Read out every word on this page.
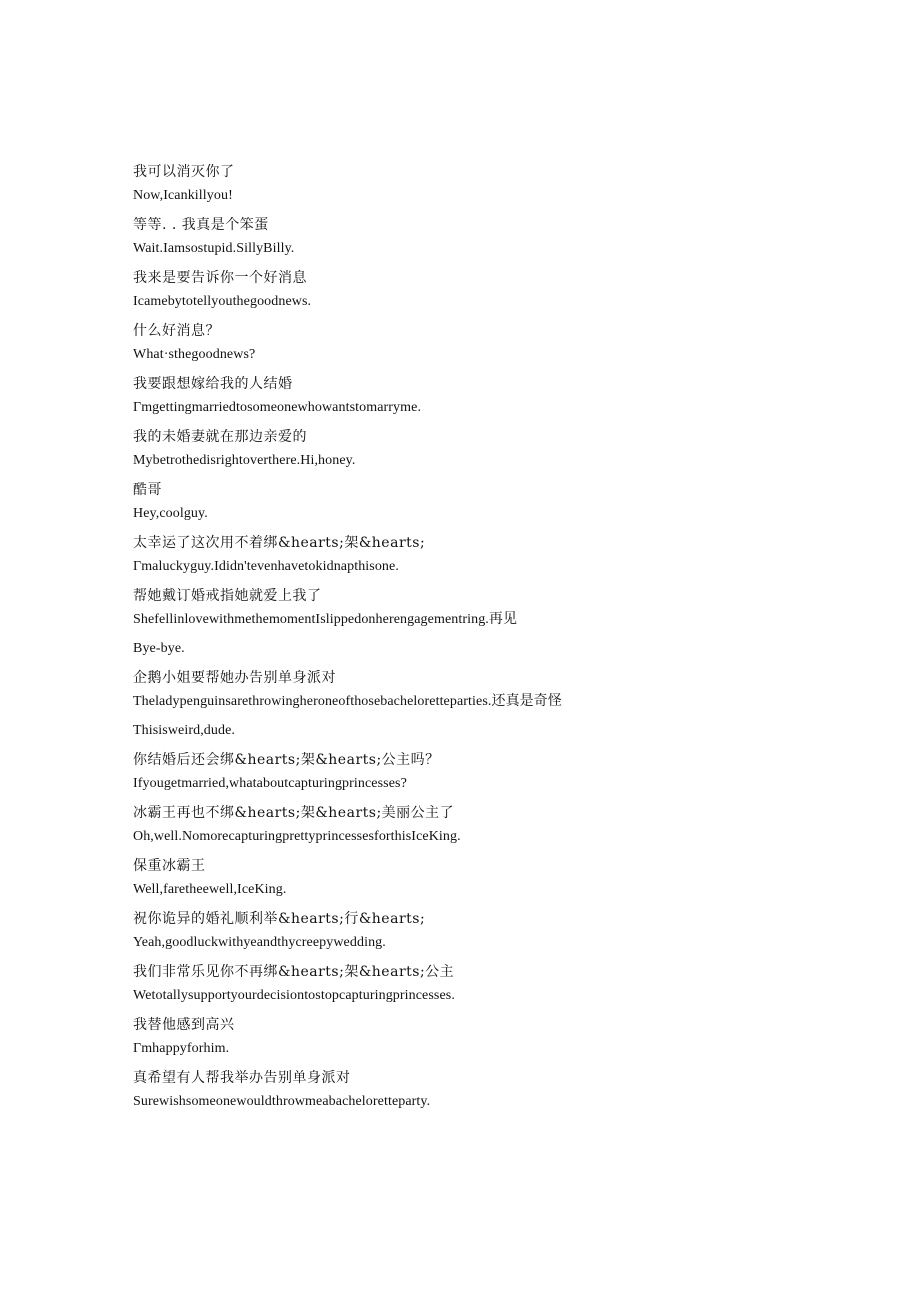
我可以消灭你了
Now,Icankillyou!
等等. . 我真是个笨蛋
Wait.Iamsostupid.SillyBilly.
我来是要告诉你一个好消息
Icamebytotellyouthegoodnews.
什么好消息？
What·sthegoodnews?
我要跟想嫁给我的人结婚
Γmgettingmarriedtosomeonewhowantstomarryme.
我的未婚妻就在那边亲爱的
Mybetrothedisrightoverthere.Hi,honey.
酷哥
Hey,coolguy.
太幸运了这次用不着绑&hearts;架&hearts;
Γmaluckyguy.Ididn'tevenhavetokidnapthisone.
帮她戴订婚戒指她就爱上我了
ShefellinlovewithmethemomentIslippedonherengagementring.再见
Bye-bye.
企鹅小姐要帮她办告别单身派对
Theladypenguinsarethrowingheroneofthosebacheloretteparties.还真是奇怪
Thisisweird,dude.
你结婚后还会绑&hearts;架&hearts;公主吗？
Ifyougetmarried,whataboutcapturingprincesses?
冰霸王再也不绑&hearts;架&hearts;美丽公主了
Oh,well.NomorecapturingprettyprincessesforthisIceKing.
保重冰霸王
Well,faretheewell,IceKing.
祝你诡异的婚礼顺利举&hearts;行&hearts;
Yeah,goodluckwithyeandthycreepywedding.
我们非常乐见你不再绑&hearts;架&hearts;公主
Wetotallysupportyourdecisiontostopcapturingprincesses.
我替他感到高兴
Γmhappyforhim.
真希望有人帮我举办告别单身派对
Surewishsomeonewouldthrowmeabacheloretteparty.
